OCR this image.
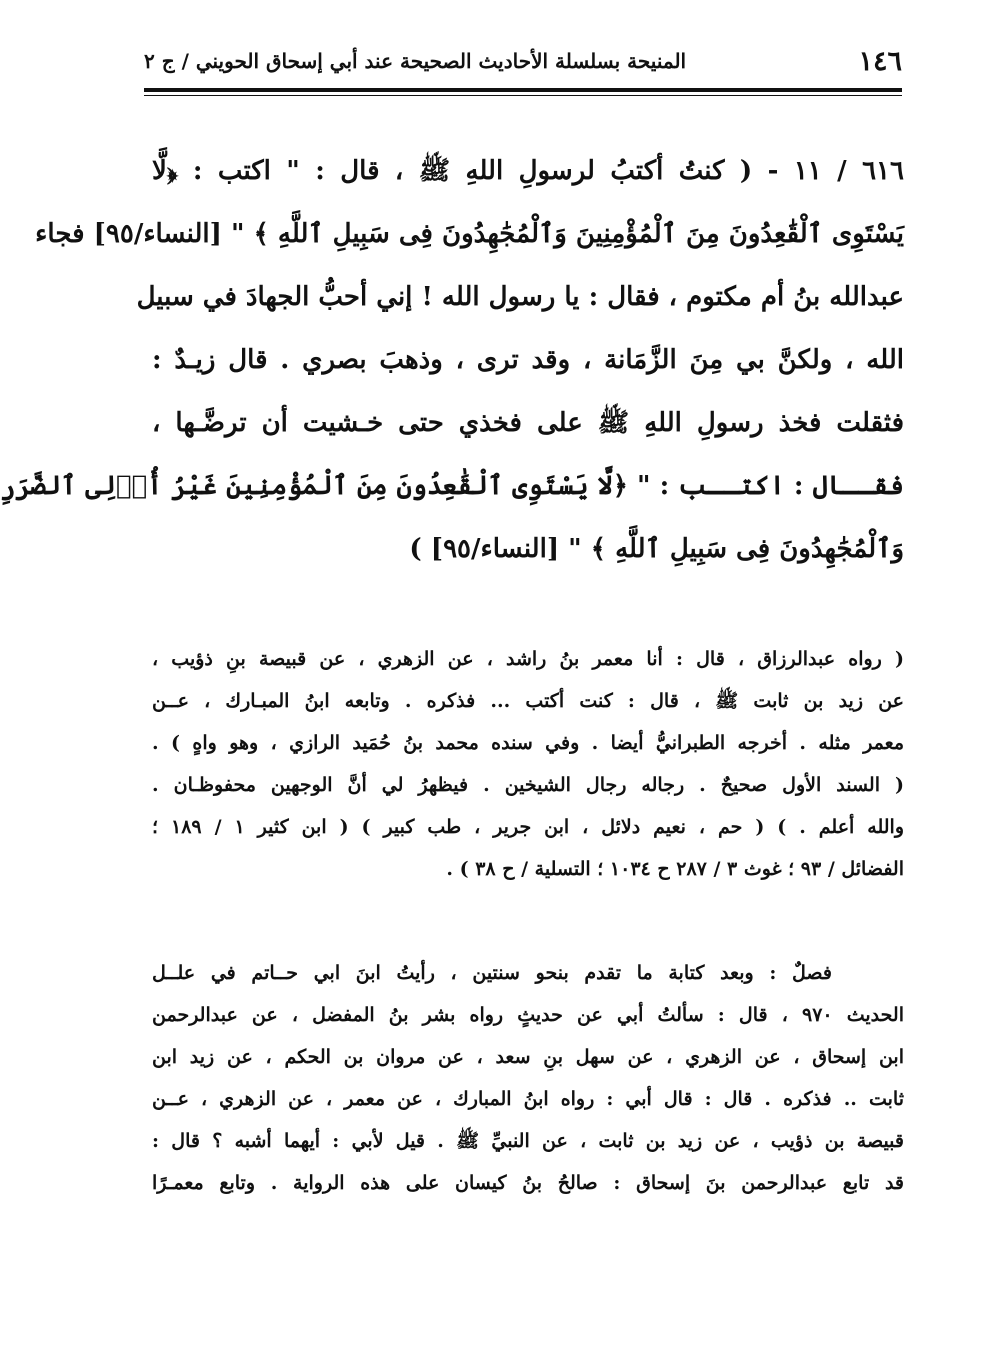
١٤٦
المنيحة بسلسلة الأحاديث الصحيحة عند أبي إسحاق الحويني / ج ٢
٦١٦ / ١١ - ( كنتُ أكتبُ لرسولِ اللهِ ﷺ ، قال : " اكتب : ﴿لَّا
يَسْتَوِى ٱلْقَٰعِدُونَ مِنَ ٱلْمُؤْمِنِينَ وَٱلْمُجَٰهِدُونَ فِى سَبِيلِ ٱللَّهِ ﴾ " [النساء/٩٥] فجاء
عبدالله بنُ أم مكتوم ، فقال : يا رسول الله ! إني أحبُّ الجهادَ في سبيل
الله ، ولكنَّ بي مِنَ الزَّمَانة ، وقد ترى ، وذهبَ بصري . قال زيـدٌ :
فثقلت فخذ رسولِ اللهِ ﷺ على فخذي حتى خـشيت أن ترضَّـها ،
فقــال : اكتــب : " ﴿لَّا يَسْتَوِى ٱلْقَٰعِدُونَ مِنَ ٱلْمُؤْمِنِينَ غَيْرُ أُو۟لِى ٱلضَّرَرِ
وَٱلْمُجَٰهِدُونَ فِى سَبِيلِ ٱللَّهِ ﴾ " [النساء/٩٥] )
( رواه عبدالرزاق ، قال : أنا معمر بنُ راشد ، عن الزهري ، عن قبيصة بنِ ذؤيب ،
عن زيد بن ثابت ﷺ ، قال : كنت أكتب ... فذكره . وتابعه ابنُ المبـارك ، عــن
معمر مثله . أخرجه الطبرانيُّ أيضا . وفي سنده محمد بنُ حُمَيد الرازي ، وهو واهٍ ) .
( السند الأول صحيحٌ . رجاله رجال الشيخين . فيظهرُ لي أنَّ الوجهين محفوظـان .
والله أعلم . ) ( حم ، نعيم دلائل ، ابن جرير ، طب كبير ) ( ابن كثير ١ / ١٨٩ ؛
الفضائل / ٩٣ ؛ غوث ٣ / ٢٨٧ ح ١٠٣٤ ؛ التسلية / ح ٣٨ ) .
فصلٌ : وبعد كتابة ما تقدم بنحو سنتين ، رأيتُ ابنَ ابي حــاتم في علــل
الحديث ٩٧٠ ، قال : سألتُ أبي عن حديثٍ رواه بشر بنُ المفضل ، عن عبدالرحمن
ابن إسحاق ، عن الزهري ، عن سهل بنِ سعد ، عن مروان بن الحكم ، عن زيد ابن
ثابت .. فذكره . قال : قال أبي : رواه ابنُ المبارك ، عن معمر ، عن الزهري ، عــن
قبيصة بن ذؤيب ، عن زيد بن ثابت ، عن النبيِّ ﷺ . قيل لأبي : أيهما أشبه ؟ قال :
قد تابع عبدالرحمن بنَ إسحاق : صالحُ بنُ كيسان على هذه الرواية . وتابع معمـرًا
